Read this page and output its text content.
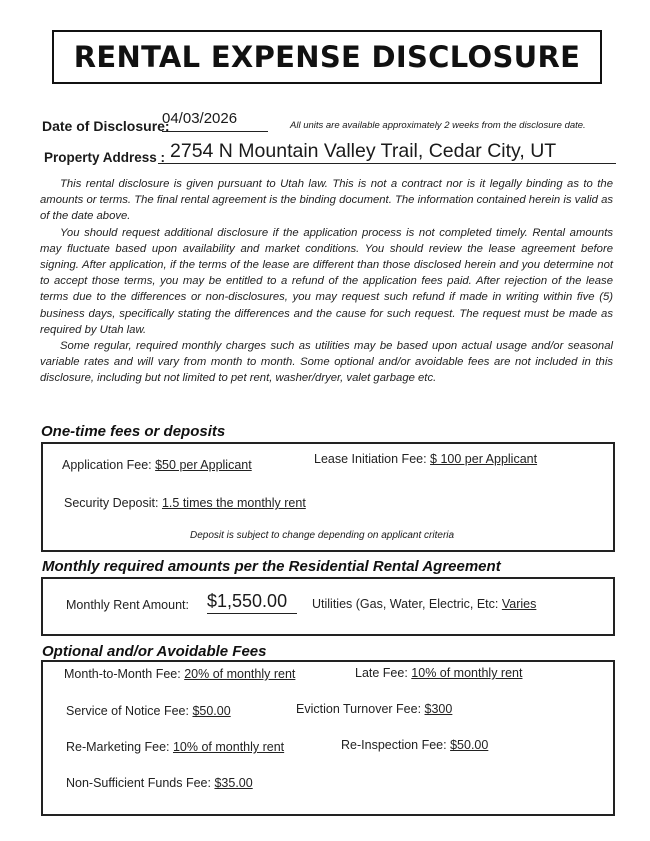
RENTAL EXPENSE DISCLOSURE
Date of Disclosure:
04/03/2026	All units are available approximately 2 weeks from the disclosure date.
Property Address : 2754 N Mountain Valley Trail, Cedar City, UT

This rental disclosure is given pursuant to Utah law. This is not a contract nor is it legally binding as to the amounts or terms. The final rental agreement is the binding document. The information contained herein is valid as of the date above.

You should request additional disclosure if the application process is not completed timely. Rental amounts may fluctuate based upon availability and market conditions. You should review the lease agreement before signing. After application, if the terms of the lease are different than those disclosed herein and you determine not to accept those terms, you may be entitled to a refund of the application fees paid. After rejection of the lease terms due to the differences or non-disclosures, you may request such refund if made in writing within five (5) business days, specifically stating the differences and the cause for such request. The request must be made as required by Utah law.

Some regular, required monthly charges such as utilities may be based upon actual usage and/or seasonal variable rates and will vary from month to month. Some optional and/or avoidable fees are not included in this disclosure, including but not limited to pet rent, washer/dryer, valet garbage etc.

One-time fees or deposits
Application Fee: $50 per Applicant	Lease Initiation Fee: $ 100 per Applicant
Security Deposit: 1.5 times the monthly rent
Deposit is subject to change depending on applicant criteria
Monthly required amounts per the Residential Rental Agreement
Monthly Rent Amount: $1,550.00	Utilities (Gas, Water, Electric, Etc: Varies
Optional and/or Avoidable Fees
Month-to-Month Fee: 20% of monthly rent	Late Fee: 10% of monthly rent
Service of Notice Fee: $50.00	Eviction Turnover Fee: $300
Re-Marketing Fee: 10% of monthly rent	Re-Inspection Fee: $50.00
Non-Sufficient Funds Fee: $35.00
